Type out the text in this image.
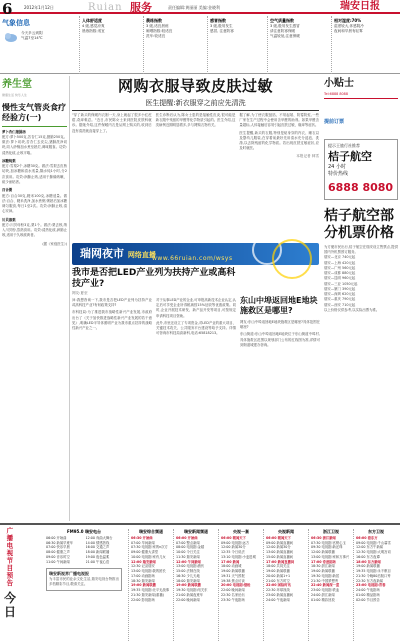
6	2012年1月12日	Ruian 服务	责任编辑:黄丽丽 美编:金晓利	瑞安日报
气象信息
今天多云到阴
气温7至14℃
人体舒适度
4 级,感觉凉爽
晨练指数:适宜
晨练指数
3 级,适宜晨练
晾晒指数:较适宜
洗车:较适宜
感冒指数
3 级,极易发生
感冒, 注意防寒
空气质量指数
3 级,极易发生感冒
请注意防寒保暖
气温较低,注意保暖
相对湿度:70%
湿度较大,体感阴冷
夜间和早晨有轻雾
养生堂
健康生活 快乐人生
慢性支气管炎食疗经验方(一)
萝卜杏仁猪肺汤
配方:萝卜500克,苦杏仁15克,猪肺250克。做法:萝卜切块,苦杏仁去皮尖,猪肺洗净切块,同入砂锅加水煮至熟烂,调味服食。功效:清热化痰,止咳平喘。
冰糖炖梨
配方:雪梨2个,冰糖30克。做法:雪梨去皮核切块,加冰糖和清水适量,隔水炖1小时,分2次食用。功效:润肺止咳,适用于肺燥咳嗽、痰少而粘者。
百合粥
配方:百合30克,粳米100克,冰糖适量。做法:百合、粳米洗净,加水煮粥,粥熟后加冰糖调匀服食,每日1至2次。功效:润肺止咳,清心安神。
川贝蒸梨
配方:川贝母粉3克,梨1个。做法:梨去核,纳入川贝粉,蒸熟食用。功效:清热化痰,润肺止咳,适用于久咳痰黄者。
(据《家庭医生》)
网购衣服导致皮肤过敏
医生提醒:新衣服穿之前应先清洗
"穿了新买的保暖内衣刚一天,身上就起了很多小红疙瘩,奇痒难忍。"近日,市民陈女士来到医院皮肤科就诊。据她介绍,这件保暖内衣是从网上购买的,收到后没有清洗就直接穿上了。
医生诊断后认为,陈女士患的是接触性皮炎,很可能是新衣服中残留的甲醛等化学物质引起的。医生介绍,这类病例近期明显增多,多与网购衣物有关。
据了解,为了使衣服挺括、不易起皱、防霉防蛀,一些厂家在生产过程中会使用含甲醛的助剂。如果甲醛含量超标,人体接触后容易引起皮肤过敏、瘙痒等症状。
医生提醒,新买的衣服,特别是贴身穿的内衣、睡衣以及婴幼儿服装,在穿着前最好先用清水充分浸泡、洗涤,以去除残留的化学物质。若出现皮肤过敏症状,应及时就医。
本报记者 林雪
瑞网夜市 网络直播
www.66ruian.com/wsys
我市是否把LED产业列为扶持产业或高科技产业?
网友:夏至
问:我想咨询一下,我市是否把LED产业列为扶持产业或高科技产业?有何政策支持?
市科技局:为了推进我市战略性新兴产业发展,市政府出台了《关于加快推进战略性新兴产业发展的若干意见》,明确LED半导体照明产业为我市重点扶持的战略性新兴产业之一。
对于从事LED产业的企业,可申报高新技术企业认定,认定后可享受企业所得税减按15%征收等优惠政策。同时,企业开展技术研发、新产品开发等项目,可按规定申请科技项目资助。
此外,市里还设立了专项资金,对LED产业的重大项目、关键技术攻关、公共服务平台建设等给予支持。详情可咨询市科技局高新科,电话:65818213。
东山中埠返回地E地块施救区是哪里?
网友:东山中埠返回地E地块施救区是哪里?具体范围在哪里?
东山街道:东山中埠返回地E地块位于东山街道中埠村,具体施救区范围以规划部门公布的红线图为准,详情可到街道城建办咨询。
小贴士
Tel:6888 8088
提前订票
提示王旅行社推荐
桔子航空
24 小时
特价热线
6888 8080
桔子航空部分机票价格
为方便市民出行,桔子航空在瑞安设立售票点,提供国内外机票预订服务。
瑞安—北京 740元起
瑞安—上海 420元起
瑞安—广州 560元起
瑞安—成都 880元起
瑞安—昆明 960元起
瑞安—三亚 1050元起
瑞安—厦门 390元起
瑞安—深圳 620元起
瑞安—重庆 790元起
瑞安—西安 710元起
以上价格仅供参考,以实际出票为准。
广播电视节目预告
今日
FM95.0 瑞安电台
06:00 开始曲
06:30 新闻早班车
07:00 快乐早晨
08:00 健康之声
09:00 音乐时空
11:00 午间新闻
12:00 戏曲大舞台
14:00 情感热线
16:00 交通之声
18:00 新闻联播
19:00 夜色温柔
21:00 午夜心语
瑞安新视界广播电视报
为丰富市民的业余文化生活,瑞安电视台特推出多档精彩节目,敬请关注。
瑞安综合频道
06:30 开始曲
07:00 早间新闻
07:30 电视剧:家的n次方
09:00 健康大讲堂
10:00 电视剧:家有儿女
12:00 瑞安新闻
12:30 记录瑞安
13:00 电视剧:我的团长
17:00 动画剧场
18:30 瑞安新闻
19:00 新闻联播
19:35 电视剧:北平无战事
21:30 瑞安新闻(重播)
22:00 影视剧场
瑞安新闻频道
06:00 开始曲
07:00 整点新闻
08:00 电视剧:金婚
10:00 今日关注
11:30 瑞安新闻
12:00 午间新闻
13:00 电视剧:潜伏
15:00 法制在线
16:30 少儿天地
18:00 瑞安新闻
19:00 新闻联播
19:30 电视剧:闯关东
21:00 新闻夜班车
22:00 晚间新闻
央视一套
06:00 朝闻天下
09:00 电视剧:远方
12:00 新闻30分
12:35 今日说法
13:10 电视剧:小麦进城
17:00 新闻
18:00 动画城
19:00 新闻联播
19:31 天气预报
19:38 焦点访谈
20:00 电视剧:借枪
22:00 晚间新闻
22:30 名家论坛
23:30 午夜剧场
央视新闻
06:00 朝闻天下
09:00 新闻直播间
12:00 新闻30分
13:00 新闻直播间
15:00 新闻直播间
17:00 新闻直播间
18:00 共同关注
19:00 新闻联播
20:00 新闻1+1
21:00 东方时空
22:00 国际时讯
22:30 环球视线
23:00 新闻直播间
24:00 午夜新闻
浙江卫视
06:30 浙江新闻
07:30 电视剧:宫锁心玉
09:30 电视剧:新还珠
12:00 新闻联播
13:00 电视剧:家和万事兴
17:00 奇迹剧场
18:30 浙江新闻
19:00 新闻联播
19:30 电视剧:新居
21:30 中国梦想秀
22:40 新闻深一度
23:00 电视剧:铁血
24:00 浙江新闻
01:00 精彩回放
东方卫视
06:00 看东方
09:00 电视剧:千山暮雪
12:00 东方午新闻
12:30 电视剧:大明宫词
16:00 东方夜谭
18:00 东方新闻
19:00 新闻联播
19:35 电视剧:永不瞑目
21:30 今晚80后脱口秀
22:30 东方夜新闻
23:00 电视剧:青春
24:00 午夜剧场
01:00 精品剧场
02:00 节目预告
